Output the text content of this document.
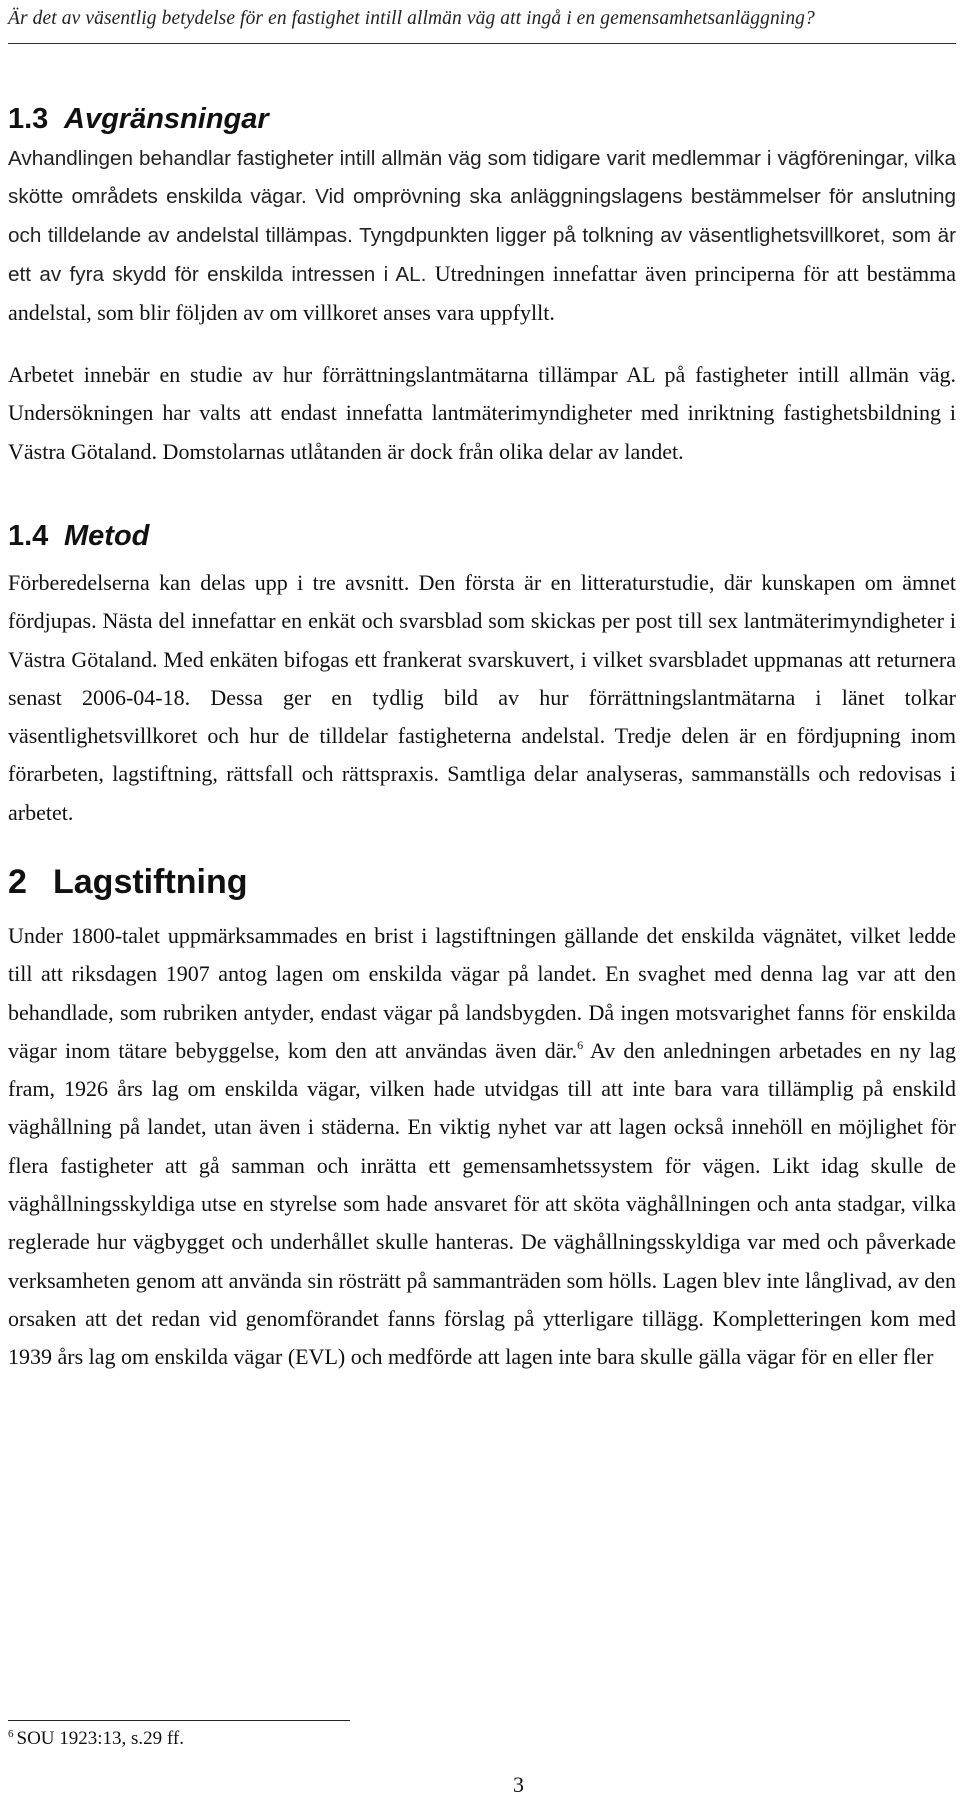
Är det av väsentlig betydelse för en fastighet intill allmän väg att ingå i en gemensamhetsanläggning?
1.3 Avgränsningar

Avhandlingen behandlar fastigheter intill allmän väg som tidigare varit medlemmar i vägföreningar, vilka skötte områdets enskilda vägar. Vid omprövning ska anläggningslagens bestämmelser för anslutning och tilldelande av andelstal tillämpas. Tyngdpunkten ligger på tolkning av väsentlighetsvillkoret, som är ett av fyra skydd för enskilda intressen i AL. Utredningen innefattar även principerna för att bestämma andelstal, som blir följden av om villkoret anses vara uppfyllt.

Arbetet innebär en studie av hur förrättningslantmätarna tillämpar AL på fastigheter intill allmän väg. Undersökningen har valts att endast innefatta lantmäterimyndigheter med inriktning fastighetsbildning i Västra Götaland. Domstolarnas utlåtanden är dock från olika delar av landet.

1.4 Metod

Förberedelserna kan delas upp i tre avsnitt. Den första är en litteraturstudie, där kunskapen om ämnet fördjupas. Nästa del innefattar en enkät och svarsblad som skickas per post till sex lantmäterimyndigheter i Västra Götaland. Med enkäten bifogas ett frankerat svarskuvert, i vilket svarsbladet uppmanas att returnera senast 2006-04-18. Dessa ger en tydlig bild av hur förrättningslantmätarna i länet tolkar väsentlighetsvillkoret och hur de tilldelar fastigheterna andelstal. Tredje delen är en fördjupning inom förarbeten, lagstiftning, rättsfall och rättspraxis. Samtliga delar analyseras, sammanställs och redovisas i arbetet.

2 Lagstiftning

Under 1800-talet uppmärksammades en brist i lagstiftningen gällande det enskilda vägnätet, vilket ledde till att riksdagen 1907 antog lagen om enskilda vägar på landet. En svaghet med denna lag var att den behandlade, som rubriken antyder, endast vägar på landsbygden. Då ingen motsvarighet fanns för enskilda vägar inom tätare bebyggelse, kom den att användas även där.$^6$ Av den anledningen arbetades en ny lag fram, 1926 års lag om enskilda vägar, vilken hade utvidgas till att inte bara vara tillämplig på enskild väghållning på landet, utan även i städerna. En viktig nyhet var att lagen också innehöll en möjlighet för flera fastigheter att gå samman och inrätta ett gemensamhetssystem för vägen. Likt idag skulle de väghållningsskyldiga utse en styrelse som hade ansvaret för att sköta väghållningen och anta stadgar, vilka reglerade hur vägbygget och underhållet skulle hanteras. De väghållningsskyldiga var med och påverkade verksamheten genom att använda sin rösträtt på sammanträden som hölls. Lagen blev inte långlivad, av den orsaken att det redan vid genomförandet fanns förslag på ytterligare tillägg. Kompletteringen kom med 1939 års lag om enskilda vägar (EVL) och medförde att lagen inte bara skulle gälla vägar för en eller fler

$^6$ SOU 1923:13, s.29 ff.
3
